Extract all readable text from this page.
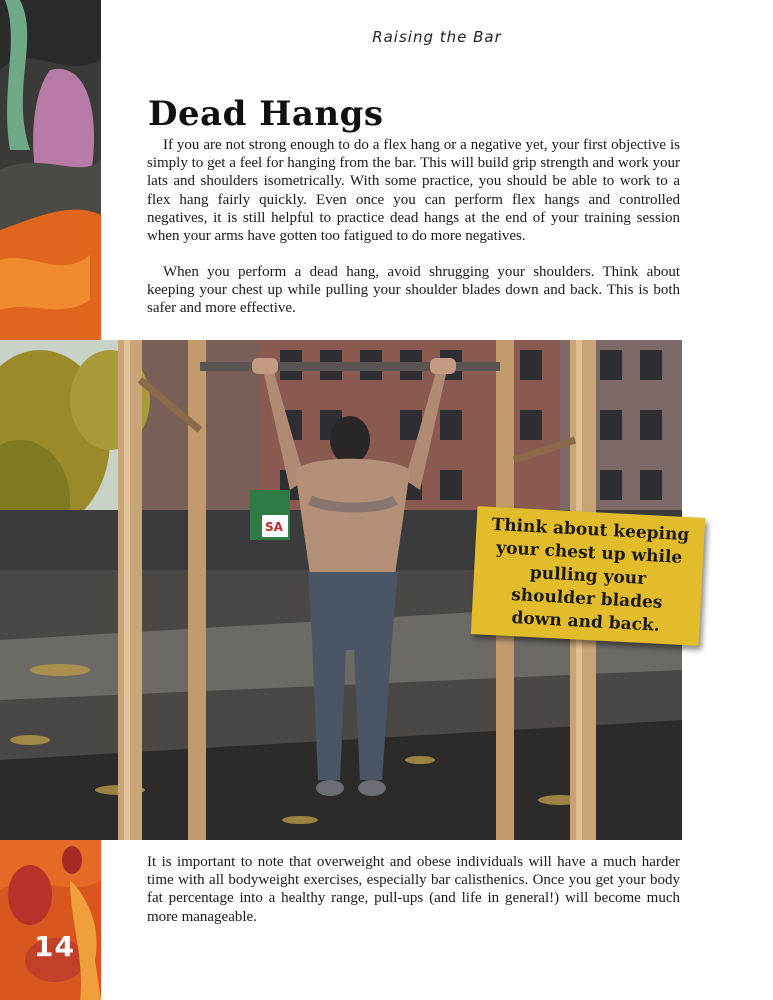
Raising the Bar
Dead Hangs

If you are not strong enough to do a flex hang or a negative yet, your first objective is simply to get a feel for hanging from the bar. This will build grip strength and work your lats and shoulders isometrically. With some practice, you should be able to work to a flex hang fairly quickly. Even once you can perform flex hangs and controlled negatives, it is still helpful to practice dead hangs at the end of your training session when your arms have gotten too fatigued to do more negatives.

When you perform a dead hang, avoid shrugging your shoulders. Think about keeping your chest up while pulling your shoulder blades down and back. This is both safer and more effective.

SA	Think about keeping your chest up while pulling your shoulder blades down and back.

It is important to note that overweight and obese individuals will have a much harder time with all bodyweight exercises, especially bar calisthenics. Once you get your body fat percentage into a healthy range, pull-ups (and life in general!) will become much more manageable.

14
